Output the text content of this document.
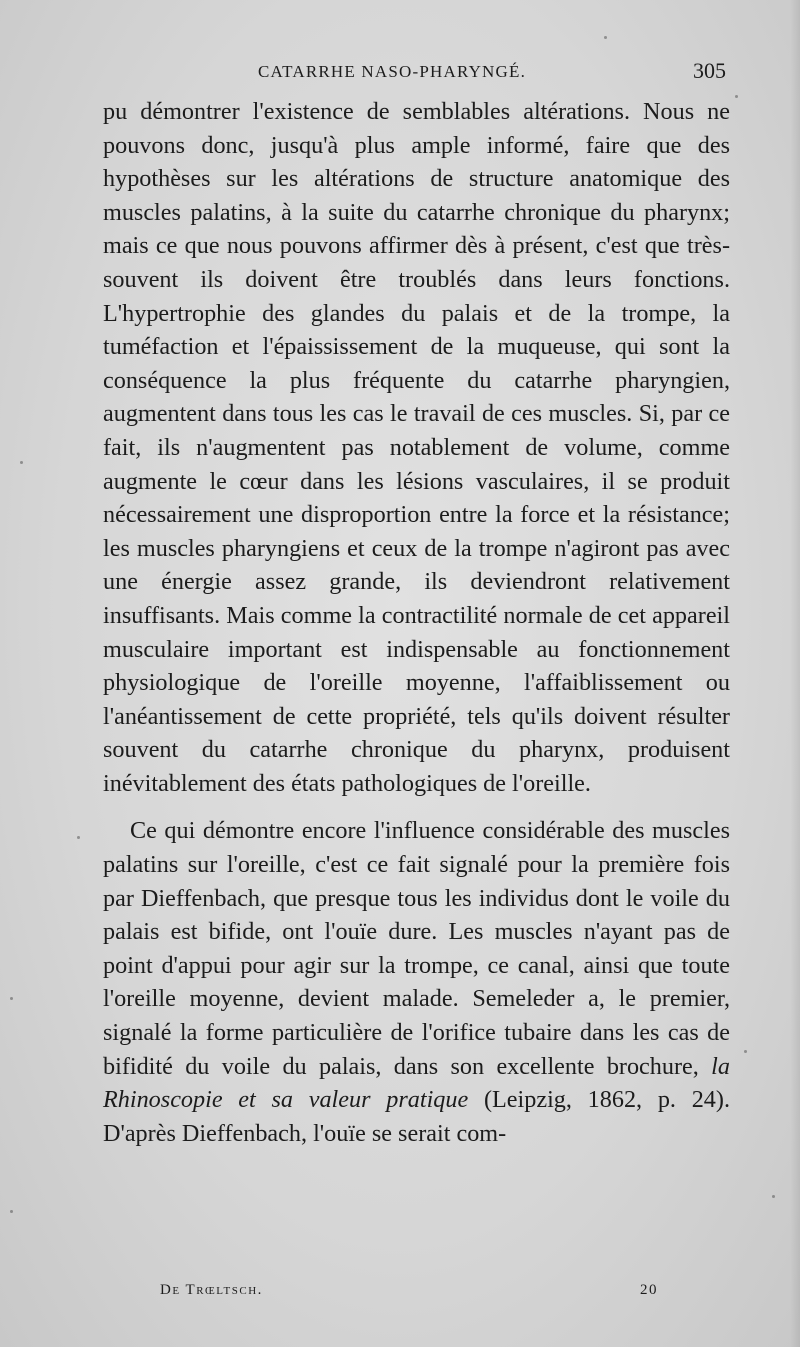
CATARRHE NASO-PHARYNGÉ.	305

pu démontrer l'existence de semblables altérations. Nous ne pouvons donc, jusqu'à plus ample informé, faire que des hypothèses sur les altérations de structure anatomique des muscles palatins, à la suite du catarrhe chronique du pharynx; mais ce que nous pouvons affirmer dès à présent, c'est que très-souvent ils doivent être troublés dans leurs fonctions. L'hypertrophie des glandes du palais et de la trompe, la tuméfaction et l'épaississement de la muqueuse, qui sont la conséquence la plus fréquente du catarrhe pharyngien, augmentent dans tous les cas le travail de ces muscles. Si, par ce fait, ils n'augmentent pas notablement de volume, comme augmente le cœur dans les lésions vasculaires, il se produit nécessairement une disproportion entre la force et la résistance; les muscles pharyngiens et ceux de la trompe n'agiront pas avec une énergie assez grande, ils deviendront relativement insuffisants. Mais comme la contractilité normale de cet appareil musculaire important est indispensable au fonctionnement physiologique de l'oreille moyenne, l'affaiblissement ou l'anéantissement de cette propriété, tels qu'ils doivent résulter souvent du catarrhe chronique du pharynx, produisent inévitablement des états pathologiques de l'oreille.

Ce qui démontre encore l'influence considérable des muscles palatins sur l'oreille, c'est ce fait signalé pour la première fois par Dieffenbach, que presque tous les individus dont le voile du palais est bifide, ont l'ouïe dure. Les muscles n'ayant pas de point d'appui pour agir sur la trompe, ce canal, ainsi que toute l'oreille moyenne, devient malade. Semeleder a, le premier, signalé la forme particulière de l'orifice tubaire dans les cas de bifidité du voile du palais, dans son excellente brochure, la Rhinoscopie et sa valeur pratique (Leipzig, 1862, p. 24). D'après Dieffenbach, l'ouïe se serait com-

De Trœltsch.	20
